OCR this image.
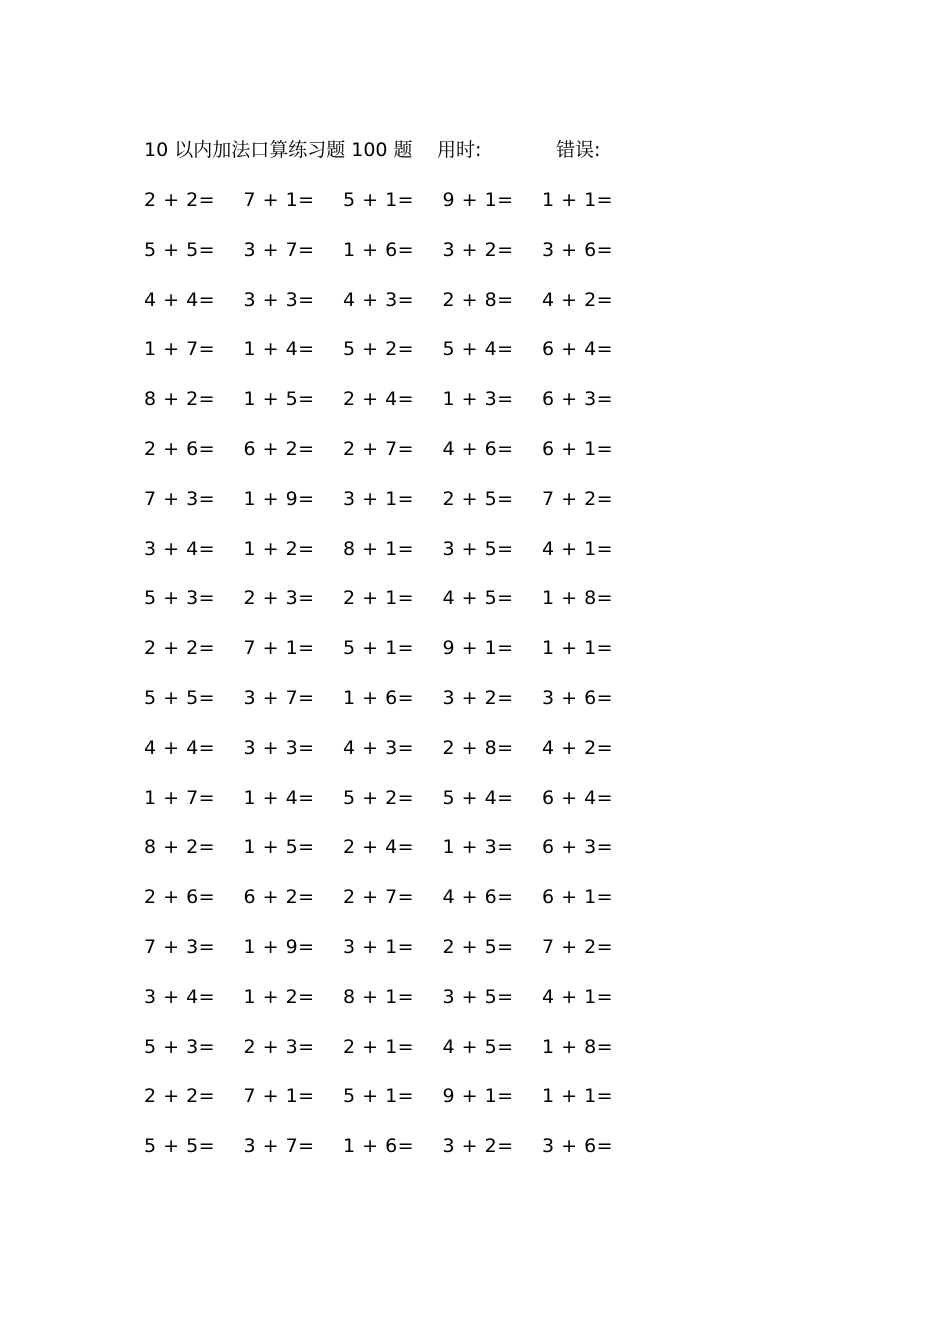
10 以内加法口算练习题 100 题 用时:	错误:
2 + 2= 7 + 1= 5 + 1= 9 + 1= 1 + 1=
5 + 5= 3 + 7= 1 + 6= 3 + 2= 3 + 6=
4 + 4= 3 + 3= 4 + 3= 2 + 8= 4 + 2=
1 + 7= 1 + 4= 5 + 2= 5 + 4= 6 + 4=
8 + 2= 1 + 5= 2 + 4= 1 + 3= 6 + 3=
2 + 6= 6 + 2= 2 + 7= 4 + 6= 6 + 1=
7 + 3= 1 + 9= 3 + 1= 2 + 5= 7 + 2=
3 + 4= 1 + 2= 8 + 1= 3 + 5= 4 + 1=
5 + 3= 2 + 3= 2 + 1= 4 + 5= 1 + 8=
2 + 2= 7 + 1= 5 + 1= 9 + 1= 1 + 1=
5 + 5= 3 + 7= 1 + 6= 3 + 2= 3 + 6=
4 + 4= 3 + 3= 4 + 3= 2 + 8= 4 + 2=
1 + 7= 1 + 4= 5 + 2= 5 + 4= 6 + 4=
8 + 2= 1 + 5= 2 + 4= 1 + 3= 6 + 3=
2 + 6= 6 + 2= 2 + 7= 4 + 6= 6 + 1=
7 + 3= 1 + 9= 3 + 1= 2 + 5= 7 + 2=
3 + 4= 1 + 2= 8 + 1= 3 + 5= 4 + 1=
5 + 3= 2 + 3= 2 + 1= 4 + 5= 1 + 8=
2 + 2= 7 + 1= 5 + 1= 9 + 1= 1 + 1=
5 + 5= 3 + 7= 1 + 6= 3 + 2= 3 + 6=
